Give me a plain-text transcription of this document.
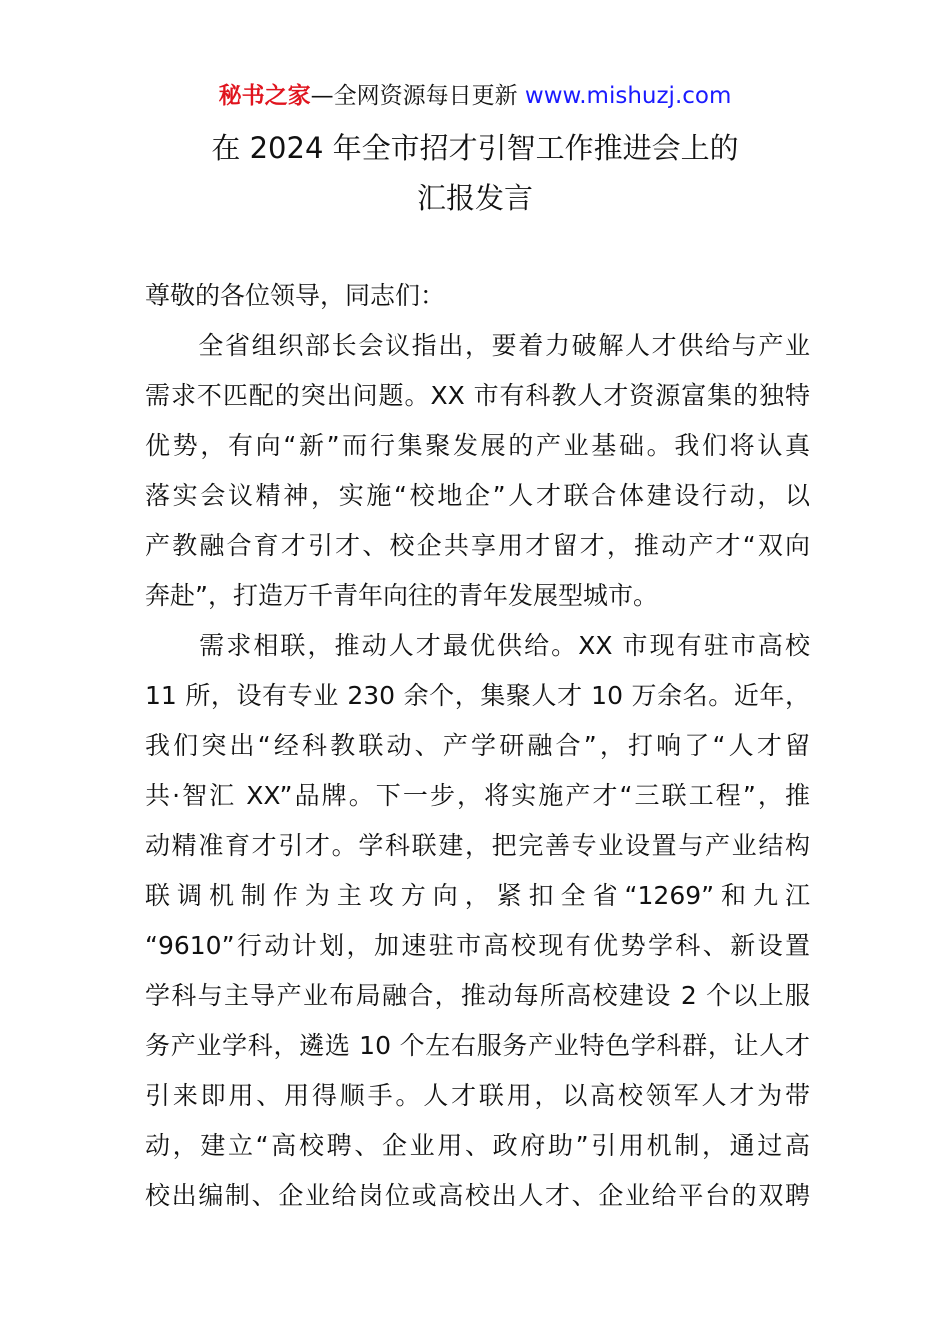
秘书之家—全网资源每日更新 www.mishuzj.com
在 2024 年全市招才引智工作推进会上的
汇报发言
尊敬的各位领导，同志们：
　　全省组织部长会议指出，要着力破解人才供给与产业
需求不匹配的突出问题。XX 市有科教人才资源富集的独特
优势，有向“新”而行集聚发展的产业基础。我们将认真
落实会议精神，实施“校地企”人才联合体建设行动，以
产教融合育才引才、校企共享用才留才，推动产才“双向
奔赴”，打造万千青年向往的青年发展型城市。
　　需求相联，推动人才最优供给。XX 市现有驻市高校
11 所，设有专业 230 余个，集聚人才 10 万余名。近年，
我们突出“经科教联动、产学研融合”，打响了“人才留
共·智汇 XX”品牌。下一步，将实施产才“三联工程”，推
动精准育才引才。学科联建，把完善专业设置与产业结构
联调机制作为主攻方向，紧扣全省“1269”和九江
“9610”行动计划，加速驻市高校现有优势学科、新设置
学科与主导产业布局融合，推动每所高校建设 2 个以上服
务产业学科，遴选 10 个左右服务产业特色学科群，让人才
引来即用、用得顺手。人才联用，以高校领军人才为带
动，建立“高校聘、企业用、政府助”引用机制，通过高
校出编制、企业给岗位或高校出人才、企业给平台的双聘
